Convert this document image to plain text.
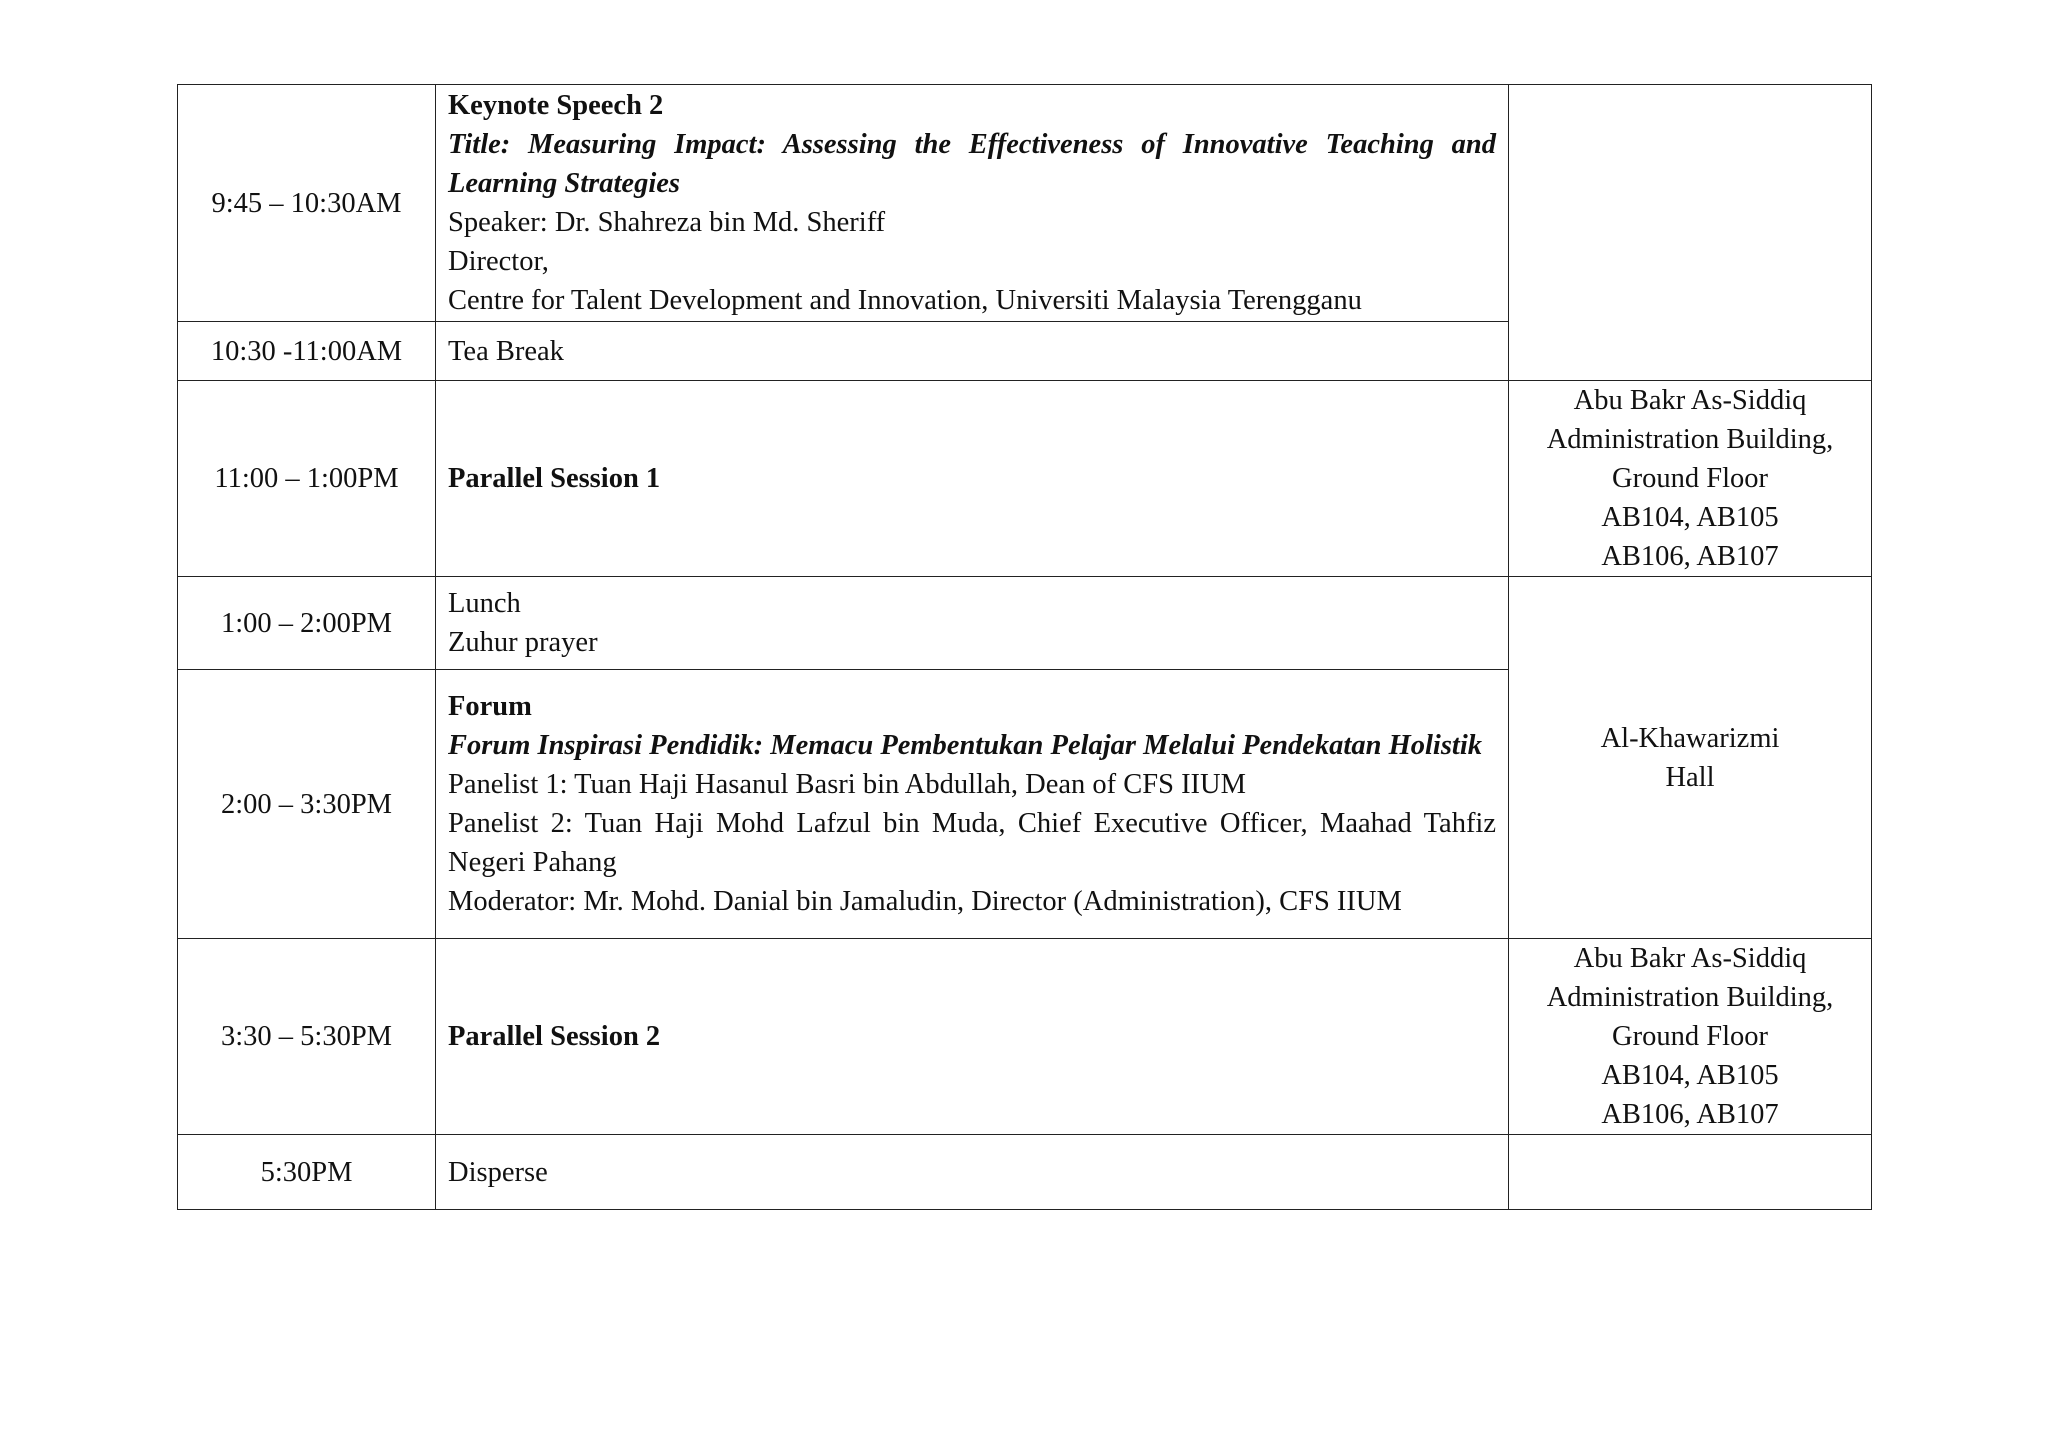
9:45 – 10:30AM	Keynote Speech 2
Title: Measuring Impact: Assessing the Effectiveness of Innovative Teaching and Learning Strategies
Speaker: Dr. Shahreza bin Md. Sheriff
Director,
Centre for Talent Development and Innovation, Universiti Malaysia Terengganu	

10:30 -11:00AM	Tea Break	
11:00 – 1:00PM	Parallel Session 1	Abu Bakr As-Siddiq
Administration Building,
Ground Floor
AB104, AB105
AB106, AB107

1:00 – 2:00PM	Lunch
Zuhur prayer	Al-Khawarizmi
Hall

2:00 – 3:30PM	Forum
Forum Inspirasi Pendidik: Memacu Pembentukan Pelajar Melalui Pendekatan Holistik
Panelist 1: Tuan Haji Hasanul Basri bin Abdullah, Dean of CFS IIUM
Panelist 2: Tuan Haji Mohd Lafzul bin Muda, Chief Executive Officer, Maahad Tahfiz Negeri Pahang
Moderator: Mr. Mohd. Danial bin Jamaludin, Director (Administration), CFS IIUM	

3:30 – 5:30PM	Parallel Session 2	Abu Bakr As-Siddiq
Administration Building,
Ground Floor
AB104, AB105
AB106, AB107

5:30PM	Disperse	
